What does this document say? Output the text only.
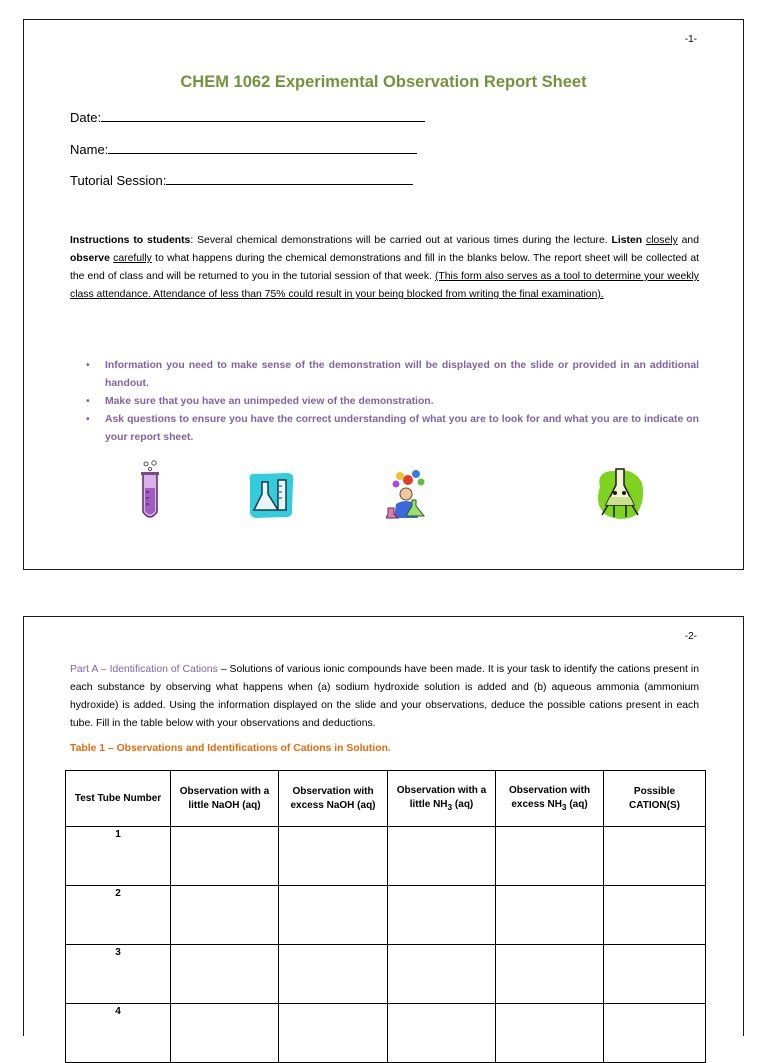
-1-
CHEM 1062 Experimental Observation Report Sheet
Date:
Name:
Tutorial Session:
Instructions to students: Several chemical demonstrations will be carried out at various times during the lecture. Listen closely and observe carefully to what happens during the chemical demonstrations and fill in the blanks below. The report sheet will be collected at the end of class and will be returned to you in the tutorial session of that week. (This form also serves as a tool to determine your weekly class attendance. Attendance of less than 75% could result in your being blocked from writing the final examination).
• Information you need to make sense of the demonstration will be displayed on the slide or provided in an additional handout.
• Make sure that you have an unimpeded view of the demonstration.
• Ask questions to ensure you have the correct understanding of what you are to look for and what you are to indicate on your report sheet.
-2-
Part A – Identification of Cations – Solutions of various ionic compounds have been made. It is your task to identify the cations present in each substance by observing what happens when (a) sodium hydroxide solution is added and (b) aqueous ammonia (ammonium hydroxide) is added. Using the information displayed on the slide and your observations, deduce the possible cations present in each tube. Fill in the table below with your observations and deductions.
Table 1 – Observations and Identifications of Cations in Solution.
Test Tube Number	Observation with a little NaOH (aq)	Observation with excess NaOH (aq)	Observation with a little $NH_3$ (aq)	Observation with excess $NH_3$ (aq)	Possible CATION(S)
1					
2					
3					
4					
